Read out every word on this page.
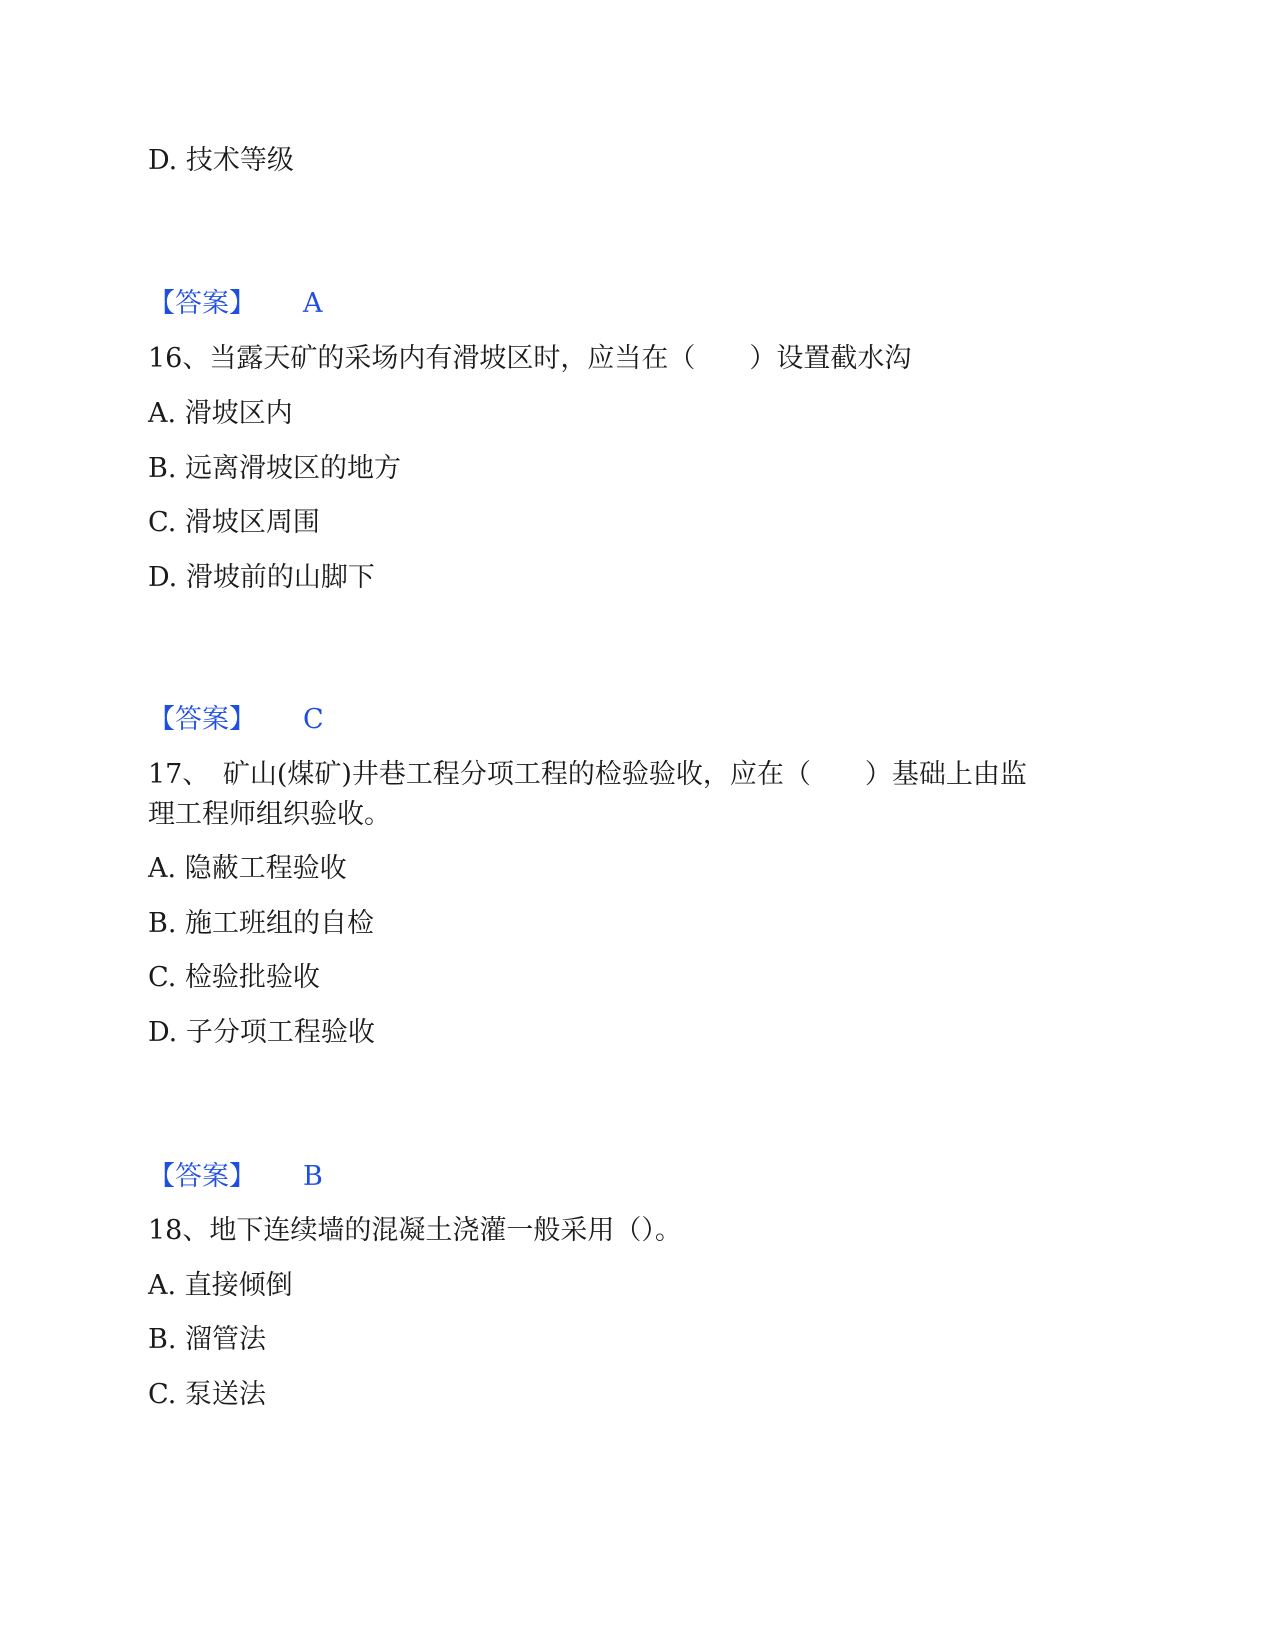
D. 技术等级
【答案】 A
16、当露天矿的采场内有滑坡区时，应当在（　　）设置截水沟
A. 滑坡区内
B. 远离滑坡区的地方
C. 滑坡区周围
D. 滑坡前的山脚下
【答案】 C
17、　矿山(煤矿)井巷工程分项工程的检验验收，应在（　　）基础上由监
理工程师组织验收。
A. 隐蔽工程验收
B. 施工班组的自检
C. 检验批验收
D. 子分项工程验收
【答案】 B
18、地下连续墙的混凝土浇灌一般采用（）。
A. 直接倾倒
B. 溜管法
C. 泵送法
